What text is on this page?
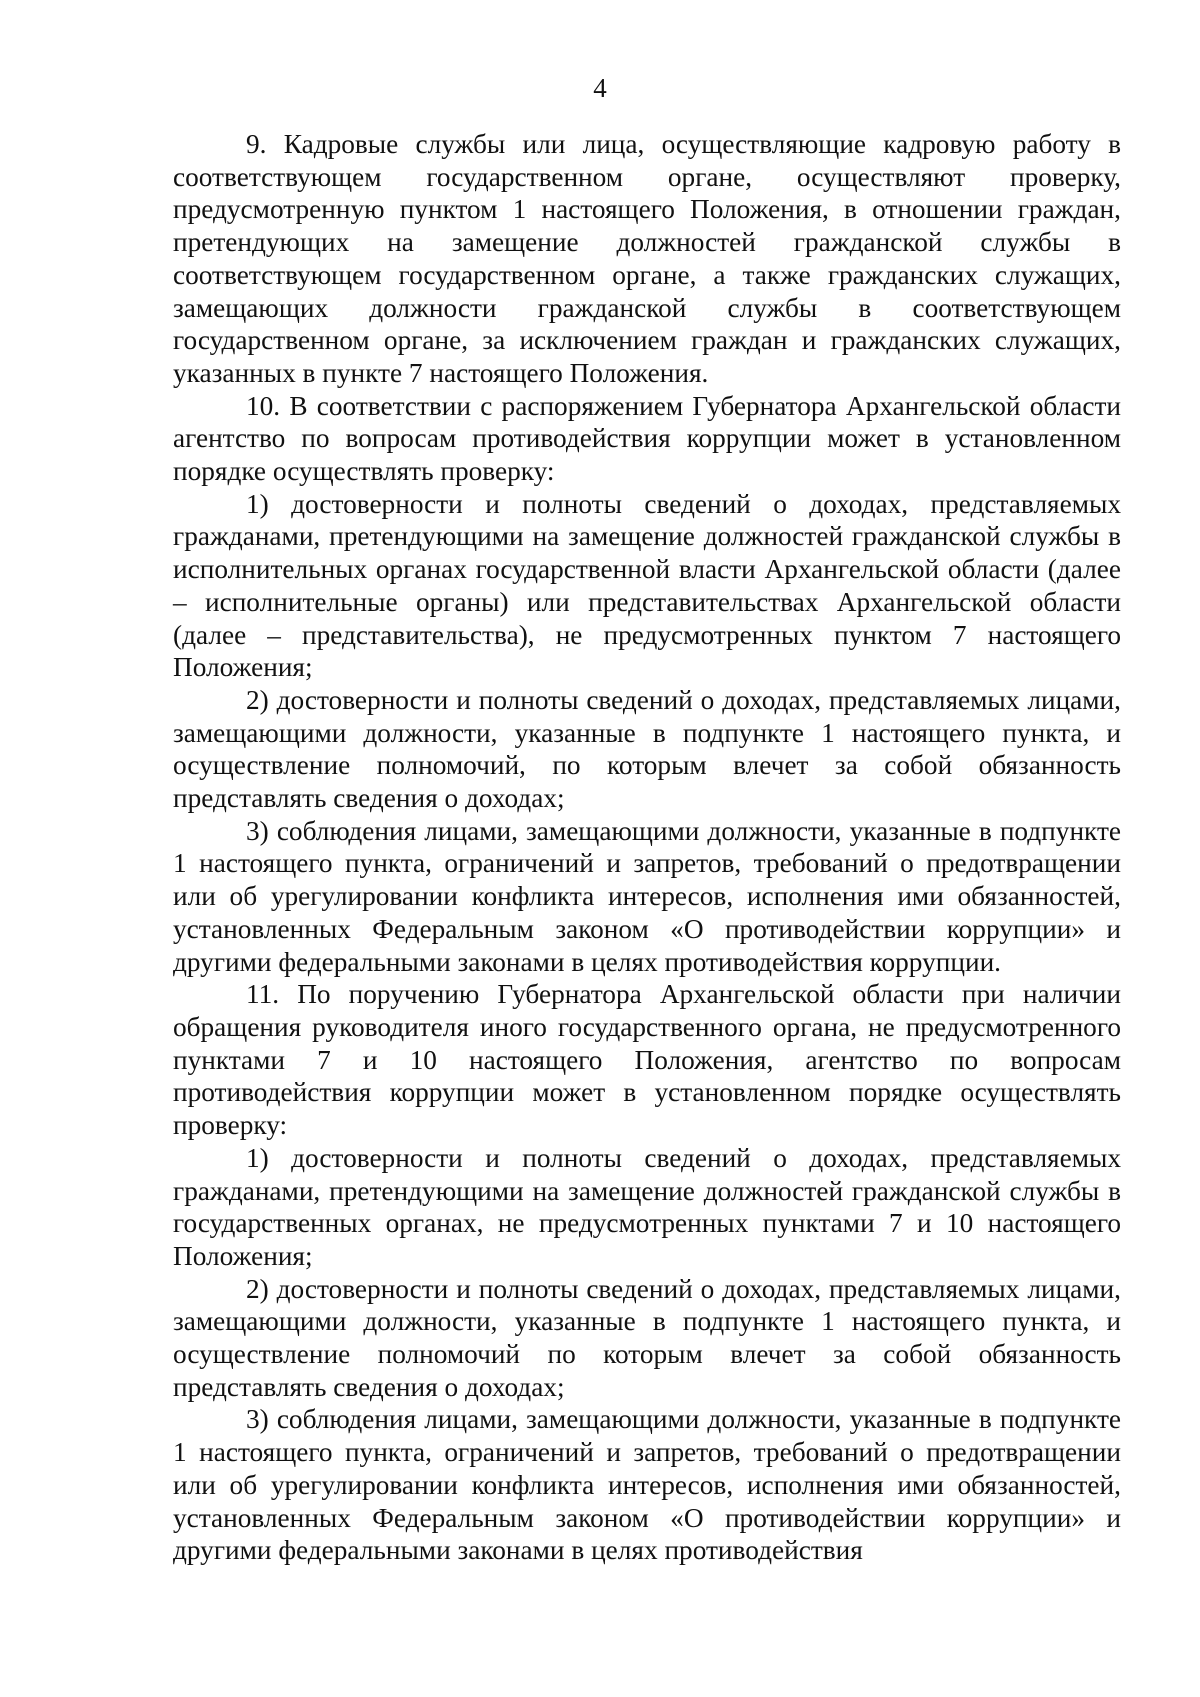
4

9. Кадровые службы или лица, осуществляющие кадровую работу в соответствующем государственном органе, осуществляют проверку, предусмотренную пунктом 1 настоящего Положения, в отношении граждан, претендующих на замещение должностей гражданской службы в соответствующем государственном органе, а также гражданских служащих, замещающих должности гражданской службы в соответствующем государственном органе, за исключением граждан и гражданских служащих, указанных в пункте 7 настоящего Положения.

10. В соответствии с распоряжением Губернатора Архангельской области агентство по вопросам противодействия коррупции может в установленном порядке осуществлять проверку:

1) достоверности и полноты сведений о доходах, представляемых гражданами, претендующими на замещение должностей гражданской службы в исполнительных органах государственной власти Архангельской области (далее – исполнительные органы) или представительствах Архангельской области (далее – представительства), не предусмотренных пунктом 7 настоящего Положения;

2) достоверности и полноты сведений о доходах, представляемых лицами, замещающими должности, указанные в подпункте 1 настоящего пункта, и осуществление полномочий, по которым влечет за собой обязанность представлять сведения о доходах;

3) соблюдения лицами, замещающими должности, указанные в подпункте 1 настоящего пункта, ограничений и запретов, требований о предотвращении или об урегулировании конфликта интересов, исполнения ими обязанностей, установленных Федеральным законом «О противодействии коррупции» и другими федеральными законами в целях противодействия коррупции.

11. По поручению Губернатора Архангельской области при наличии обращения руководителя иного государственного органа, не предусмотренного пунктами 7 и 10 настоящего Положения, агентство по вопросам противодействия коррупции может в установленном порядке осуществлять проверку:

1) достоверности и полноты сведений о доходах, представляемых гражданами, претендующими на замещение должностей гражданской службы в государственных органах, не предусмотренных пунктами 7 и 10 настоящего Положения;

2) достоверности и полноты сведений о доходах, представляемых лицами, замещающими должности, указанные в подпункте 1 настоящего пункта, и осуществление полномочий по которым влечет за собой обязанность представлять сведения о доходах;

3) соблюдения лицами, замещающими должности, указанные в подпункте 1 настоящего пункта, ограничений и запретов, требований о предотвращении или об урегулировании конфликта интересов, исполнения ими обязанностей, установленных Федеральным законом «О противодействии коррупции» и другими федеральными законами в целях противодействия
